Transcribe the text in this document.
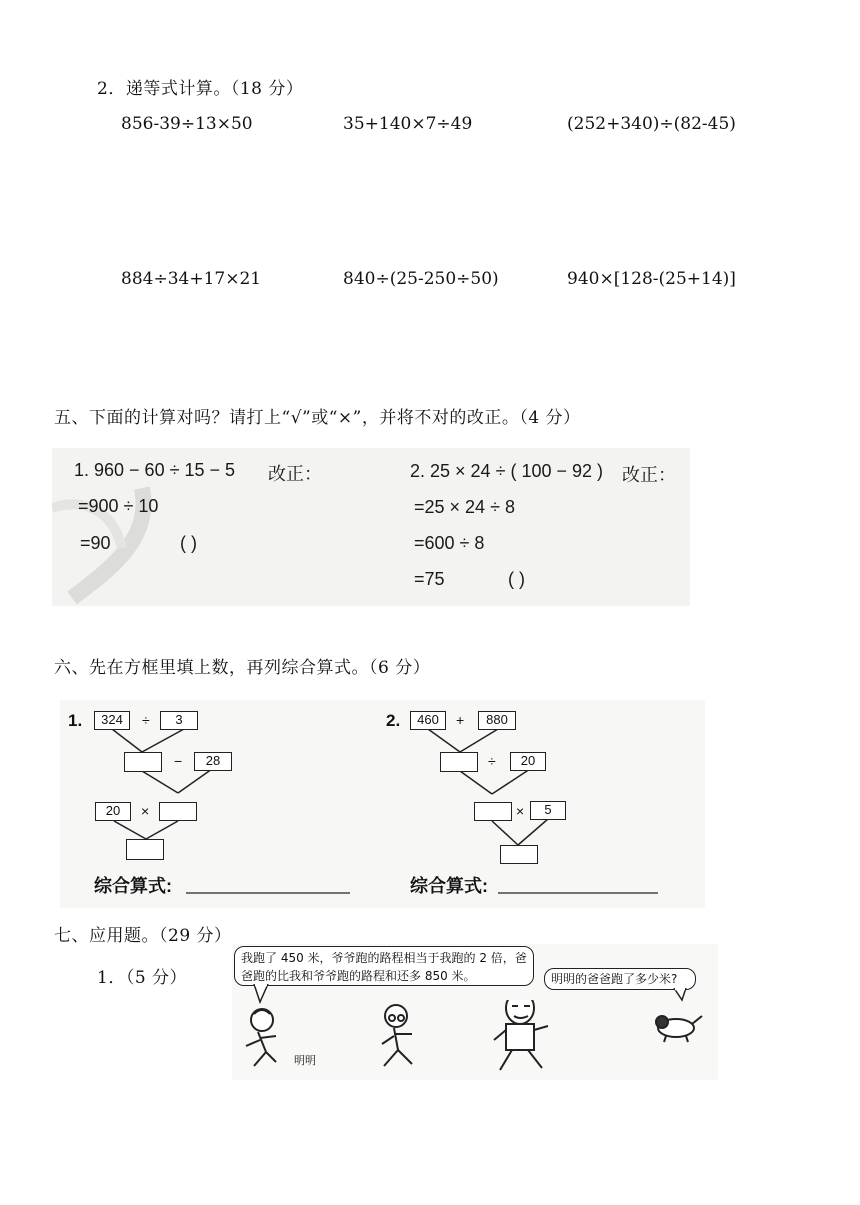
2．递等式计算。（18 分）
856-39÷13×50	35+140×7÷49	(252+340)÷(82-45)
884÷34+17×21	840÷(25-250÷50)	940×[128-(25+14)]
五、下面的计算对吗？请打上“√”或“×”，并将不对的改正。（4 分）
1. 960 − 60 ÷ 15 − 5 改正：
=900 ÷ 10
=90	( )
2. 25 × 24 ÷ ( 100 − 92 ) 改正：
=25 × 24 ÷ 8
=600 ÷ 8
=75	( )
六、先在方框里填上数，再列综合算式。（6 分）
1.	324	÷	3
−	28
20	×
综合算式:
2.	460	+	880
÷	20
×	5
综合算式:
七、应用题。（29 分）
1．（5 分）
我跑了 450 米，爷爷跑的路程相当于我跑的 2 倍，爸爸跑的比我和爷爷跑的路程和还多 850 米。	明明的爸爸跑了多少米?
明明
